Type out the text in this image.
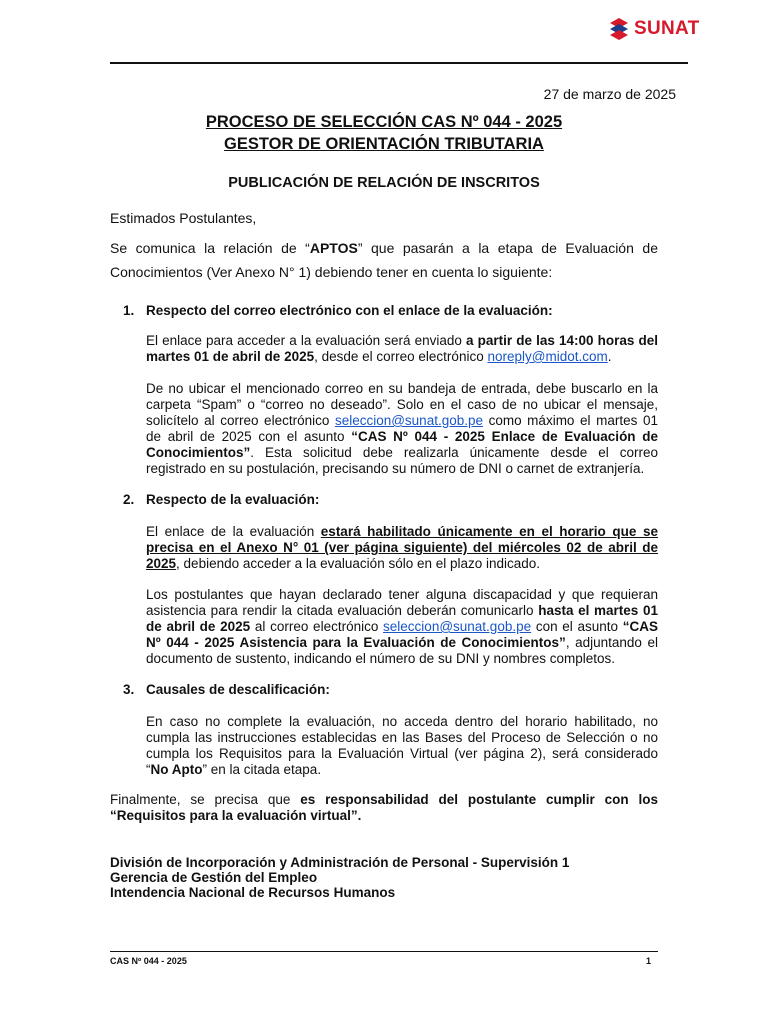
SUNAT
27 de marzo de 2025
PROCESO DE SELECCIÓN CAS Nº 044 - 2025
GESTOR DE ORIENTACIÓN TRIBUTARIA
PUBLICACIÓN DE RELACIÓN DE INSCRITOS
Estimados Postulantes,
Se comunica la relación de “APTOS” que pasarán a la etapa de Evaluación de Conocimientos (Ver Anexo N° 1) debiendo tener en cuenta lo siguiente:
1. Respecto del correo electrónico con el enlace de la evaluación:
El enlace para acceder a la evaluación será enviado a partir de las 14:00 horas del martes 01 de abril de 2025, desde el correo electrónico noreply@midot.com.
De no ubicar el mencionado correo en su bandeja de entrada, debe buscarlo en la carpeta “Spam” o “correo no deseado”. Solo en el caso de no ubicar el mensaje, solicítelo al correo electrónico seleccion@sunat.gob.pe como máximo el martes 01 de abril de 2025 con el asunto “CAS Nº 044 - 2025 Enlace de Evaluación de Conocimientos”. Esta solicitud debe realizarla únicamente desde el correo registrado en su postulación, precisando su número de DNI o carnet de extranjería.
2. Respecto de la evaluación:
El enlace de la evaluación estará habilitado únicamente en el horario que se precisa en el Anexo N° 01 (ver página siguiente) del miércoles 02 de abril de 2025, debiendo acceder a la evaluación sólo en el plazo indicado.
Los postulantes que hayan declarado tener alguna discapacidad y que requieran asistencia para rendir la citada evaluación deberán comunicarlo hasta el martes 01 de abril de 2025 al correo electrónico seleccion@sunat.gob.pe con el asunto “CAS Nº 044 - 2025 Asistencia para la Evaluación de Conocimientos”, adjuntando el documento de sustento, indicando el número de su DNI y nombres completos.
3. Causales de descalificación:
En caso no complete la evaluación, no acceda dentro del horario habilitado, no cumpla las instrucciones establecidas en las Bases del Proceso de Selección o no cumpla los Requisitos para la Evaluación Virtual (ver página 2), será considerado “No Apto” en la citada etapa.
Finalmente, se precisa que es responsabilidad del postulante cumplir con los “Requisitos para la evaluación virtual”.
División de Incorporación y Administración de Personal - Supervisión 1
Gerencia de Gestión del Empleo
Intendencia Nacional de Recursos Humanos
CAS Nº 044 - 2025	1
